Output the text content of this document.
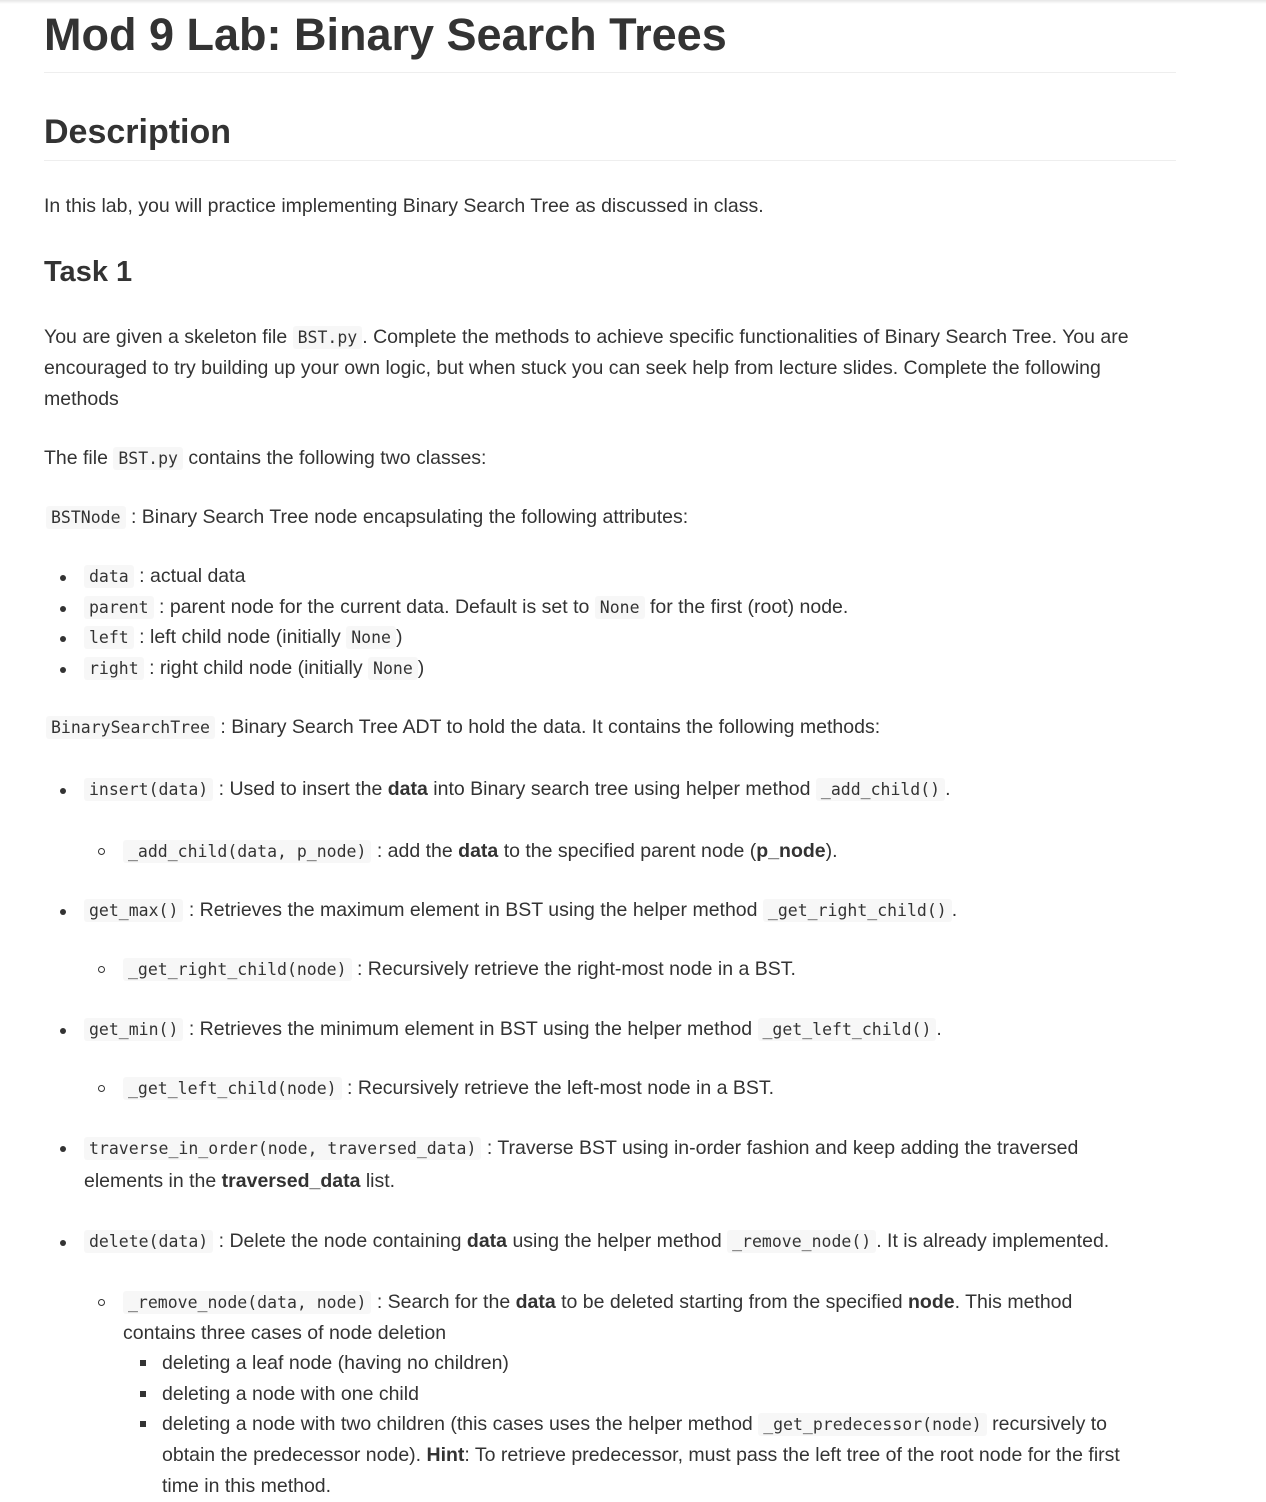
Mod 9 Lab: Binary Search Trees
Description

In this lab, you will practice implementing Binary Search Tree as discussed in class.

Task 1

You are given a skeleton file BST.py . Complete the methods to achieve specific functionalities of Binary Search Tree. You are
encouraged to try building up your own logic, but when stuck you can seek help from lecture slides. Complete the following
methods

The file BST.py contains the following two classes:

BSTNode : Binary Search Tree node encapsulating the following attributes:

data : actual data
parent : parent node for the current data. Default is set to None for the first (root) node.
left : left child node (initially None )
right : right child node (initially None )

BinarySearchTree : Binary Search Tree ADT to hold the data. It contains the following methods:

insert(data) : Used to insert the data into Binary search tree using helper method _add_child() .
_add_child(data, p_node) : add the data to the specified parent node (p_node).
get_max() : Retrieves the maximum element in BST using the helper method _get_right_child() .
_get_right_child(node) : Recursively retrieve the right-most node in a BST.
get_min() : Retrieves the minimum element in BST using the helper method _get_left_child() .
_get_left_child(node) : Recursively retrieve the left-most node in a BST.
traverse_in_order(node, traversed_data) : Traverse BST using in-order fashion and keep adding the traversed
elements in the traversed_data list.
delete(data) : Delete the node containing data using the helper method _remove_node() . It is already implemented.
_remove_node(data, node) : Search for the data to be deleted starting from the specified node. This method
contains three cases of node deletion
deleting a leaf node (having no children)
deleting a node with one child
deleting a node with two children (this cases uses the helper method _get_predecessor(node) recursively to
obtain the predecessor node). Hint: To retrieve predecessor, must pass the left tree of the root node for the first
time in this method.
